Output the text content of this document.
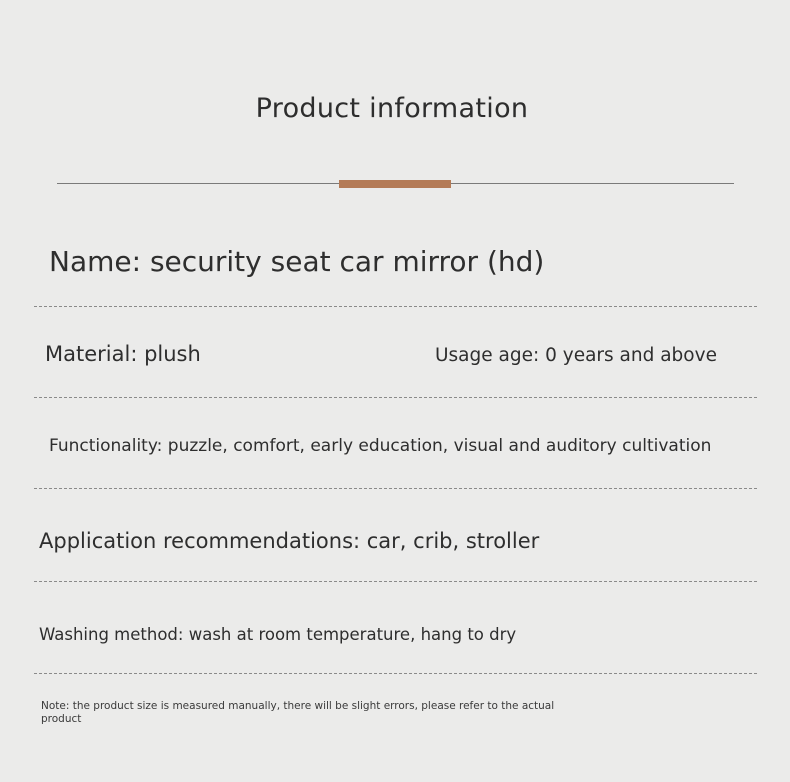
Product information
Name: security seat car mirror (hd)
Material: plush	Usage age: 0 years and above
Functionality: puzzle, comfort, early education, visual and auditory cultivation
Application recommendations: car, crib, stroller
Washing method: wash at room temperature, hang to dry
Note: the product size is measured manually, there will be slight errors, please refer to the actual product
